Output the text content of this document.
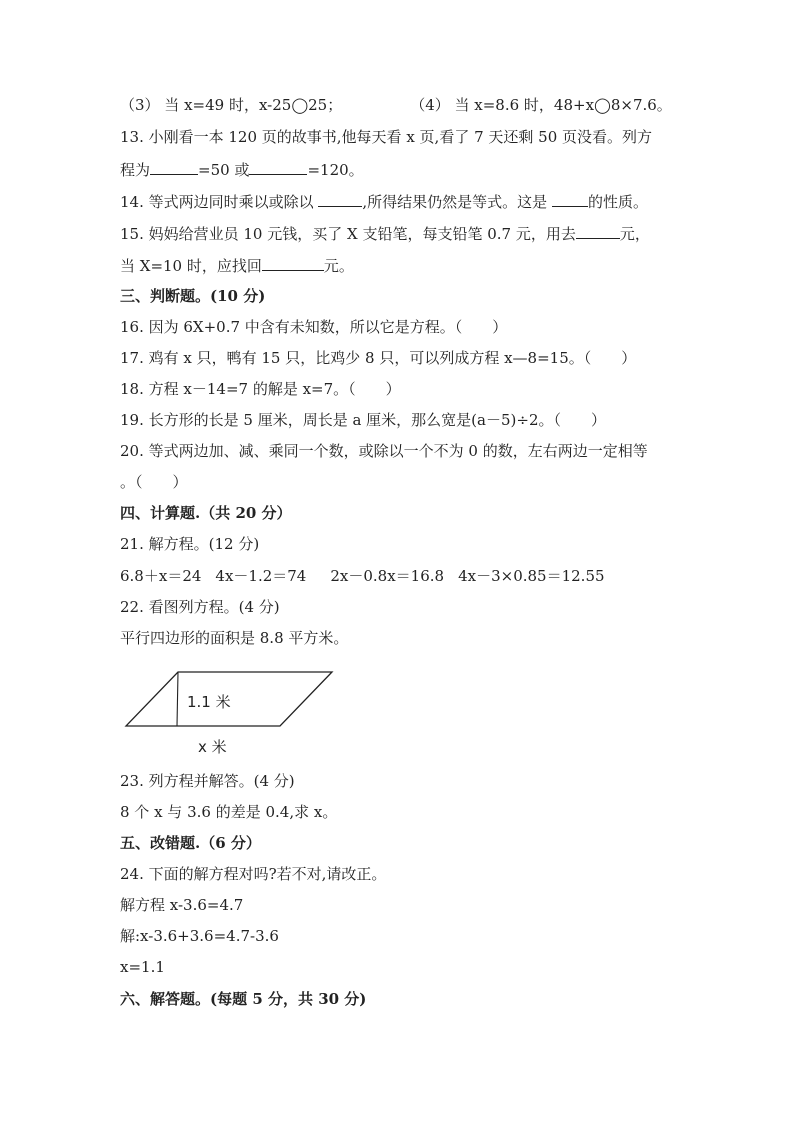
（3） 当 x=49 时，x-25◯25；	（4） 当 x=8.6 时，48+x◯8×7.6。
13. 小刚看一本 120 页的故事书,他每天看 x 页,看了 7 天还剩 50 页没看。列方
程为	=50 或	=120。
14. 等式两边同时乘以或除以	,所得结果仍然是等式。这是 的性质。
15. 妈妈给营业员 10 元钱，买了 X 支铅笔，每支铅笔 0.7 元，用去	元，
当 X=10 时，应找回	元。
三、判断题。(10 分)
16. 因为 6X+0.7 中含有未知数，所以它是方程。（　　）
17. 鸡有 x 只，鸭有 15 只，比鸡少 8 只，可以列成方程 x—8=15。（　　）
18. 方程 x－14=7 的解是 x=7。（　　）
19. 长方形的长是 5 厘米，周长是 a 厘米，那么宽是(a－5)÷2。（　　）
20. 等式两边加、减、乘同一个数，或除以一个不为 0 的数，左右两边一定相等
。（　　）
四、计算题.（共 20 分）
21. 解方程。(12 分)
6.8＋x＝24 4x－1.2＝74 2x－0.8x＝16.8 4x－3×0.85＝12.55
22. 看图列方程。(4 分)
平行四边形的面积是 8.8 平方米。
1.1 米
x 米
23. 列方程并解答。(4 分)
8 个 x 与 3.6 的差是 0.4,求 x。
五、改错题.（6 分）
24. 下面的解方程对吗?若不对,请改正。
解方程 x-3.6=4.7
解:x-3.6+3.6=4.7-3.6
x=1.1
六、解答题。(每题 5 分，共 30 分)
